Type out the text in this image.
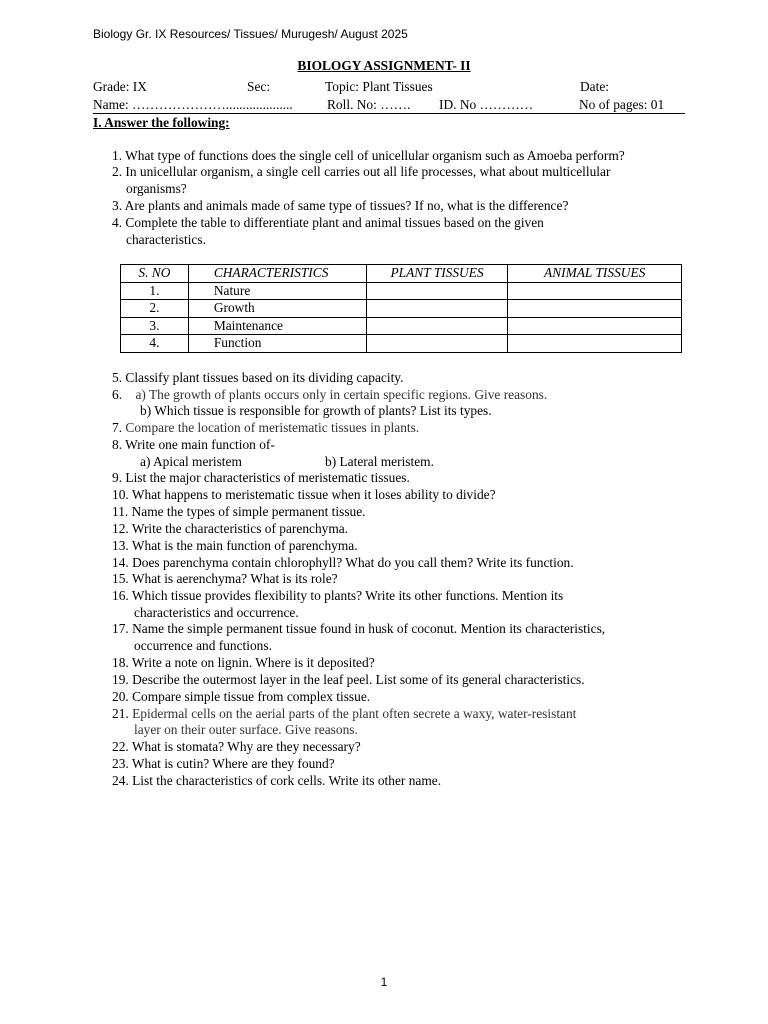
Biology Gr. IX Resources/ Tissues/ Murugesh/ August 2025
BIOLOGY ASSIGNMENT- II
Grade: IX	Sec:	Topic: Plant Tissues	Date:
Name: …………………....................	Roll. No: ……. ID. No …………	No of pages: 01
I. Answer the following:
1. What type of functions does the single cell of unicellular organism such as Amoeba perform?
2. In unicellular organism, a single cell carries out all life processes, what about multicellular
organisms?
3. Are plants and animals made of same type of tissues? If no, what is the difference?
4. Complete the table to differentiate plant and animal tissues based on the given
characteristics.
S. NO	CHARACTERISTICS	PLANT TISSUES	ANIMAL TISSUES
1.	Nature		
2.	Growth		
3.	Maintenance		
4.	Function		
5. Classify plant tissues based on its dividing capacity.
6. a) The growth of plants occurs only in certain specific regions. Give reasons.
b) Which tissue is responsible for growth of plants? List its types.
7. Compare the location of meristematic tissues in plants.
8. Write one main function of-
a) Apical meristem	b) Lateral meristem.
9. List the major characteristics of meristematic tissues.
10. What happens to meristematic tissue when it loses ability to divide?
11. Name the types of simple permanent tissue.
12. Write the characteristics of parenchyma.
13. What is the main function of parenchyma.
14. Does parenchyma contain chlorophyll? What do you call them? Write its function.
15. What is aerenchyma? What is its role?
16. Which tissue provides flexibility to plants? Write its other functions. Mention its
characteristics and occurrence.
17. Name the simple permanent tissue found in husk of coconut. Mention its characteristics,
occurrence and functions.
18. Write a note on lignin. Where is it deposited?
19. Describe the outermost layer in the leaf peel. List some of its general characteristics.
20. Compare simple tissue from complex tissue.
21. Epidermal cells on the aerial parts of the plant often secrete a waxy, water-resistant
layer on their outer surface. Give reasons.
22. What is stomata? Why are they necessary?
23. What is cutin? Where are they found?
24. List the characteristics of cork cells. Write its other name.
1
